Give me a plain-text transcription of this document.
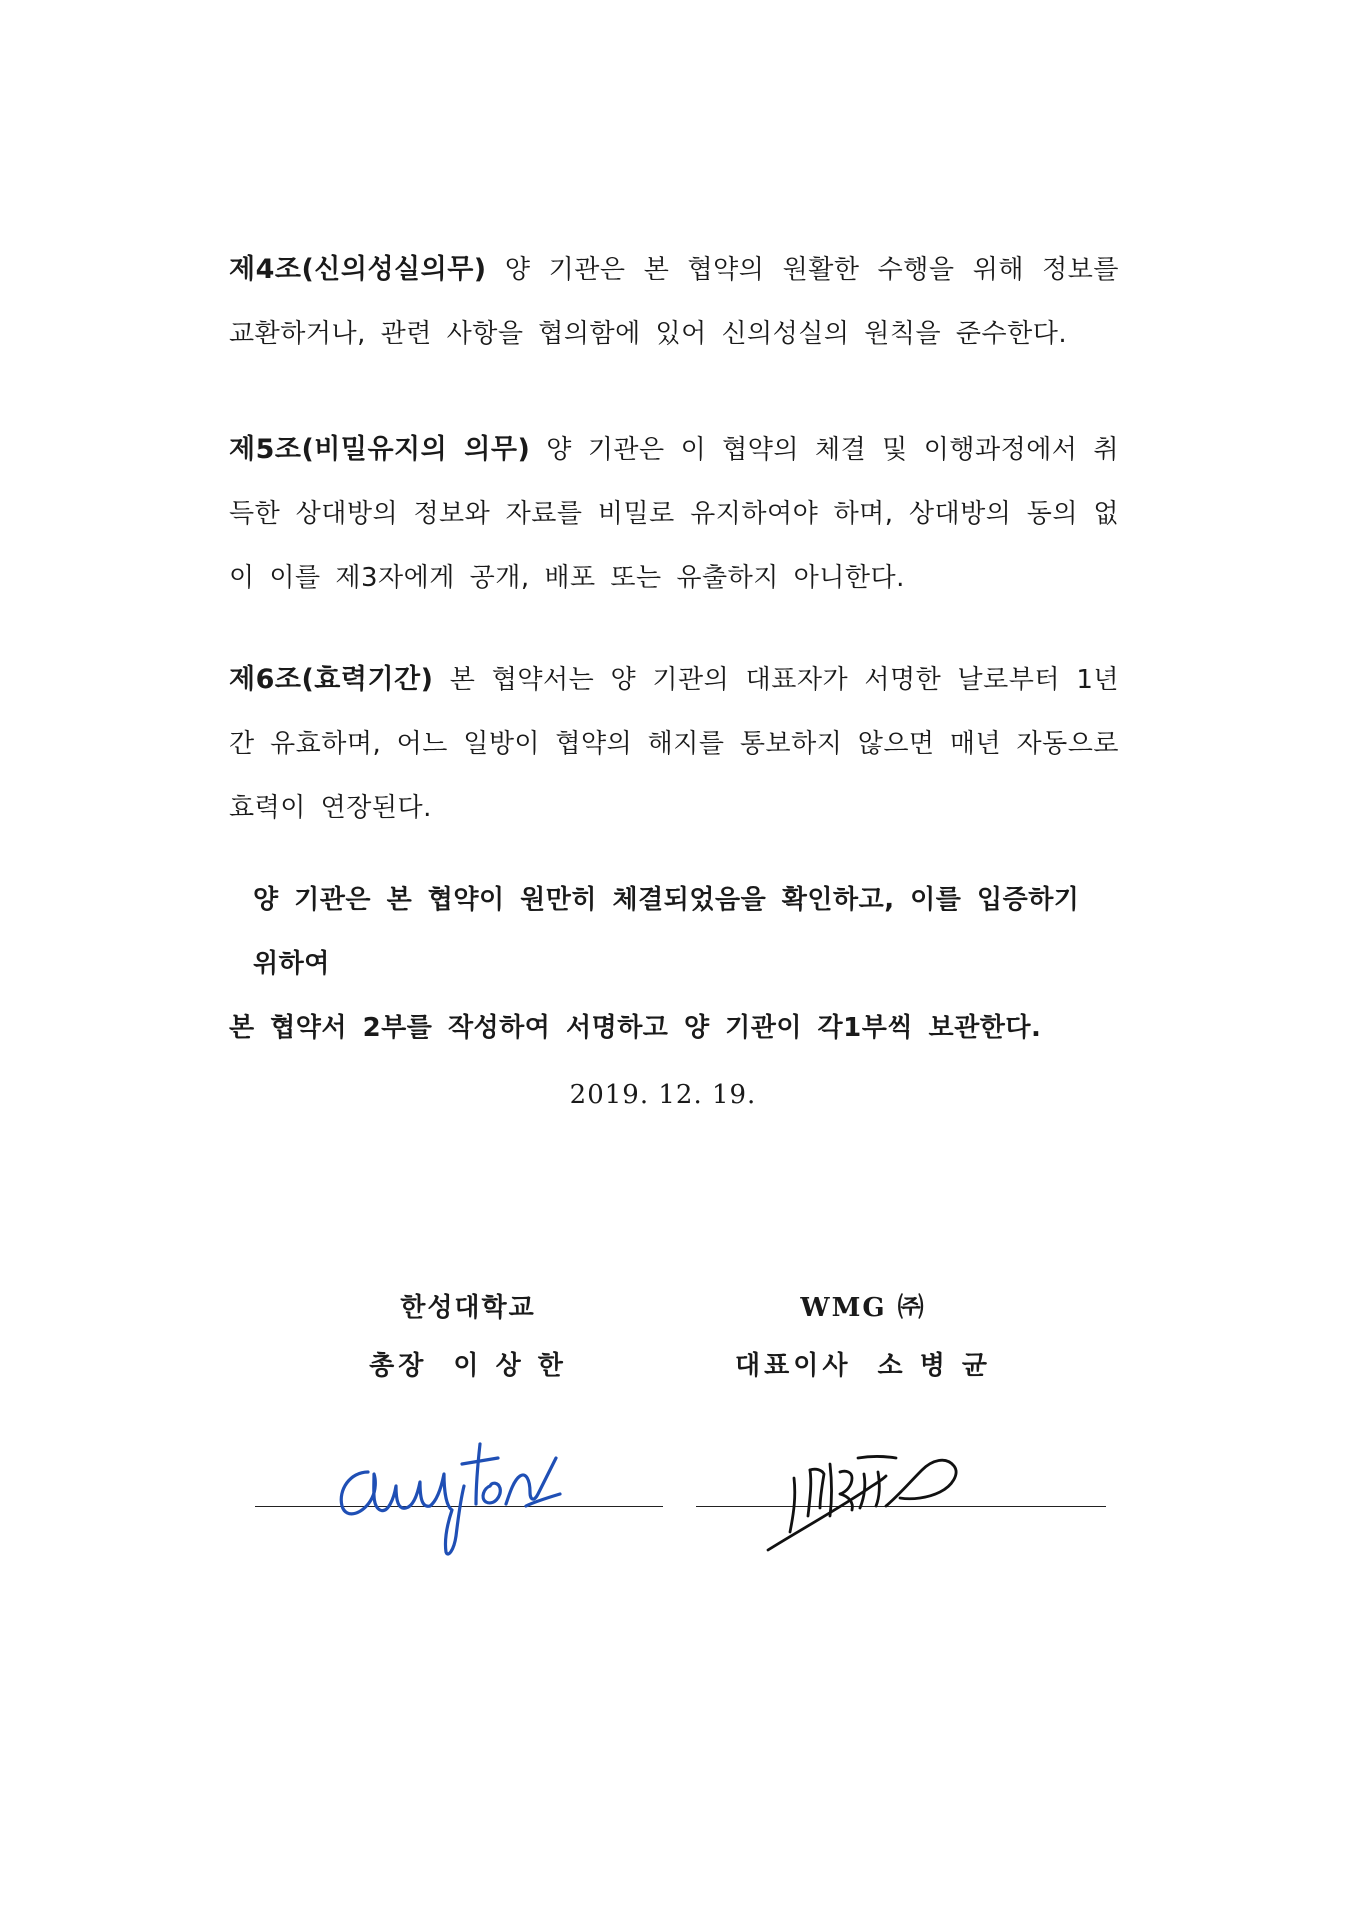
제4조(신의성실의무) 양 기관은 본 협약의 원활한 수행을 위해 정보를 교환하거나, 관련 사항을 협의함에 있어 신의성실의 원칙을 준수한다.

제5조(비밀유지의 의무) 양 기관은 이 협약의 체결 및 이행과정에서 취득한 상대방의 정보와 자료를 비밀로 유지하여야 하며, 상대방의 동의 없이 이를 제3자에게 공개, 배포 또는 유출하지 아니한다.

제6조(효력기간) 본 협약서는 양 기관의 대표자가 서명한 날로부터 1년간 유효하며, 어느 일방이 협약의 해지를 통보하지 않으면 매년 자동으로 효력이 연장된다.

양 기관은 본 협약이 원만히 체결되었음을 확인하고, 이를 입증하기 위하여
본 협약서 2부를 작성하여 서명하고 양 기관이 각1부씩 보관한다.
2019. 12. 19.
한성대학교
총장  이 상 한
WMG ㈜
대표이사  소 병 균
